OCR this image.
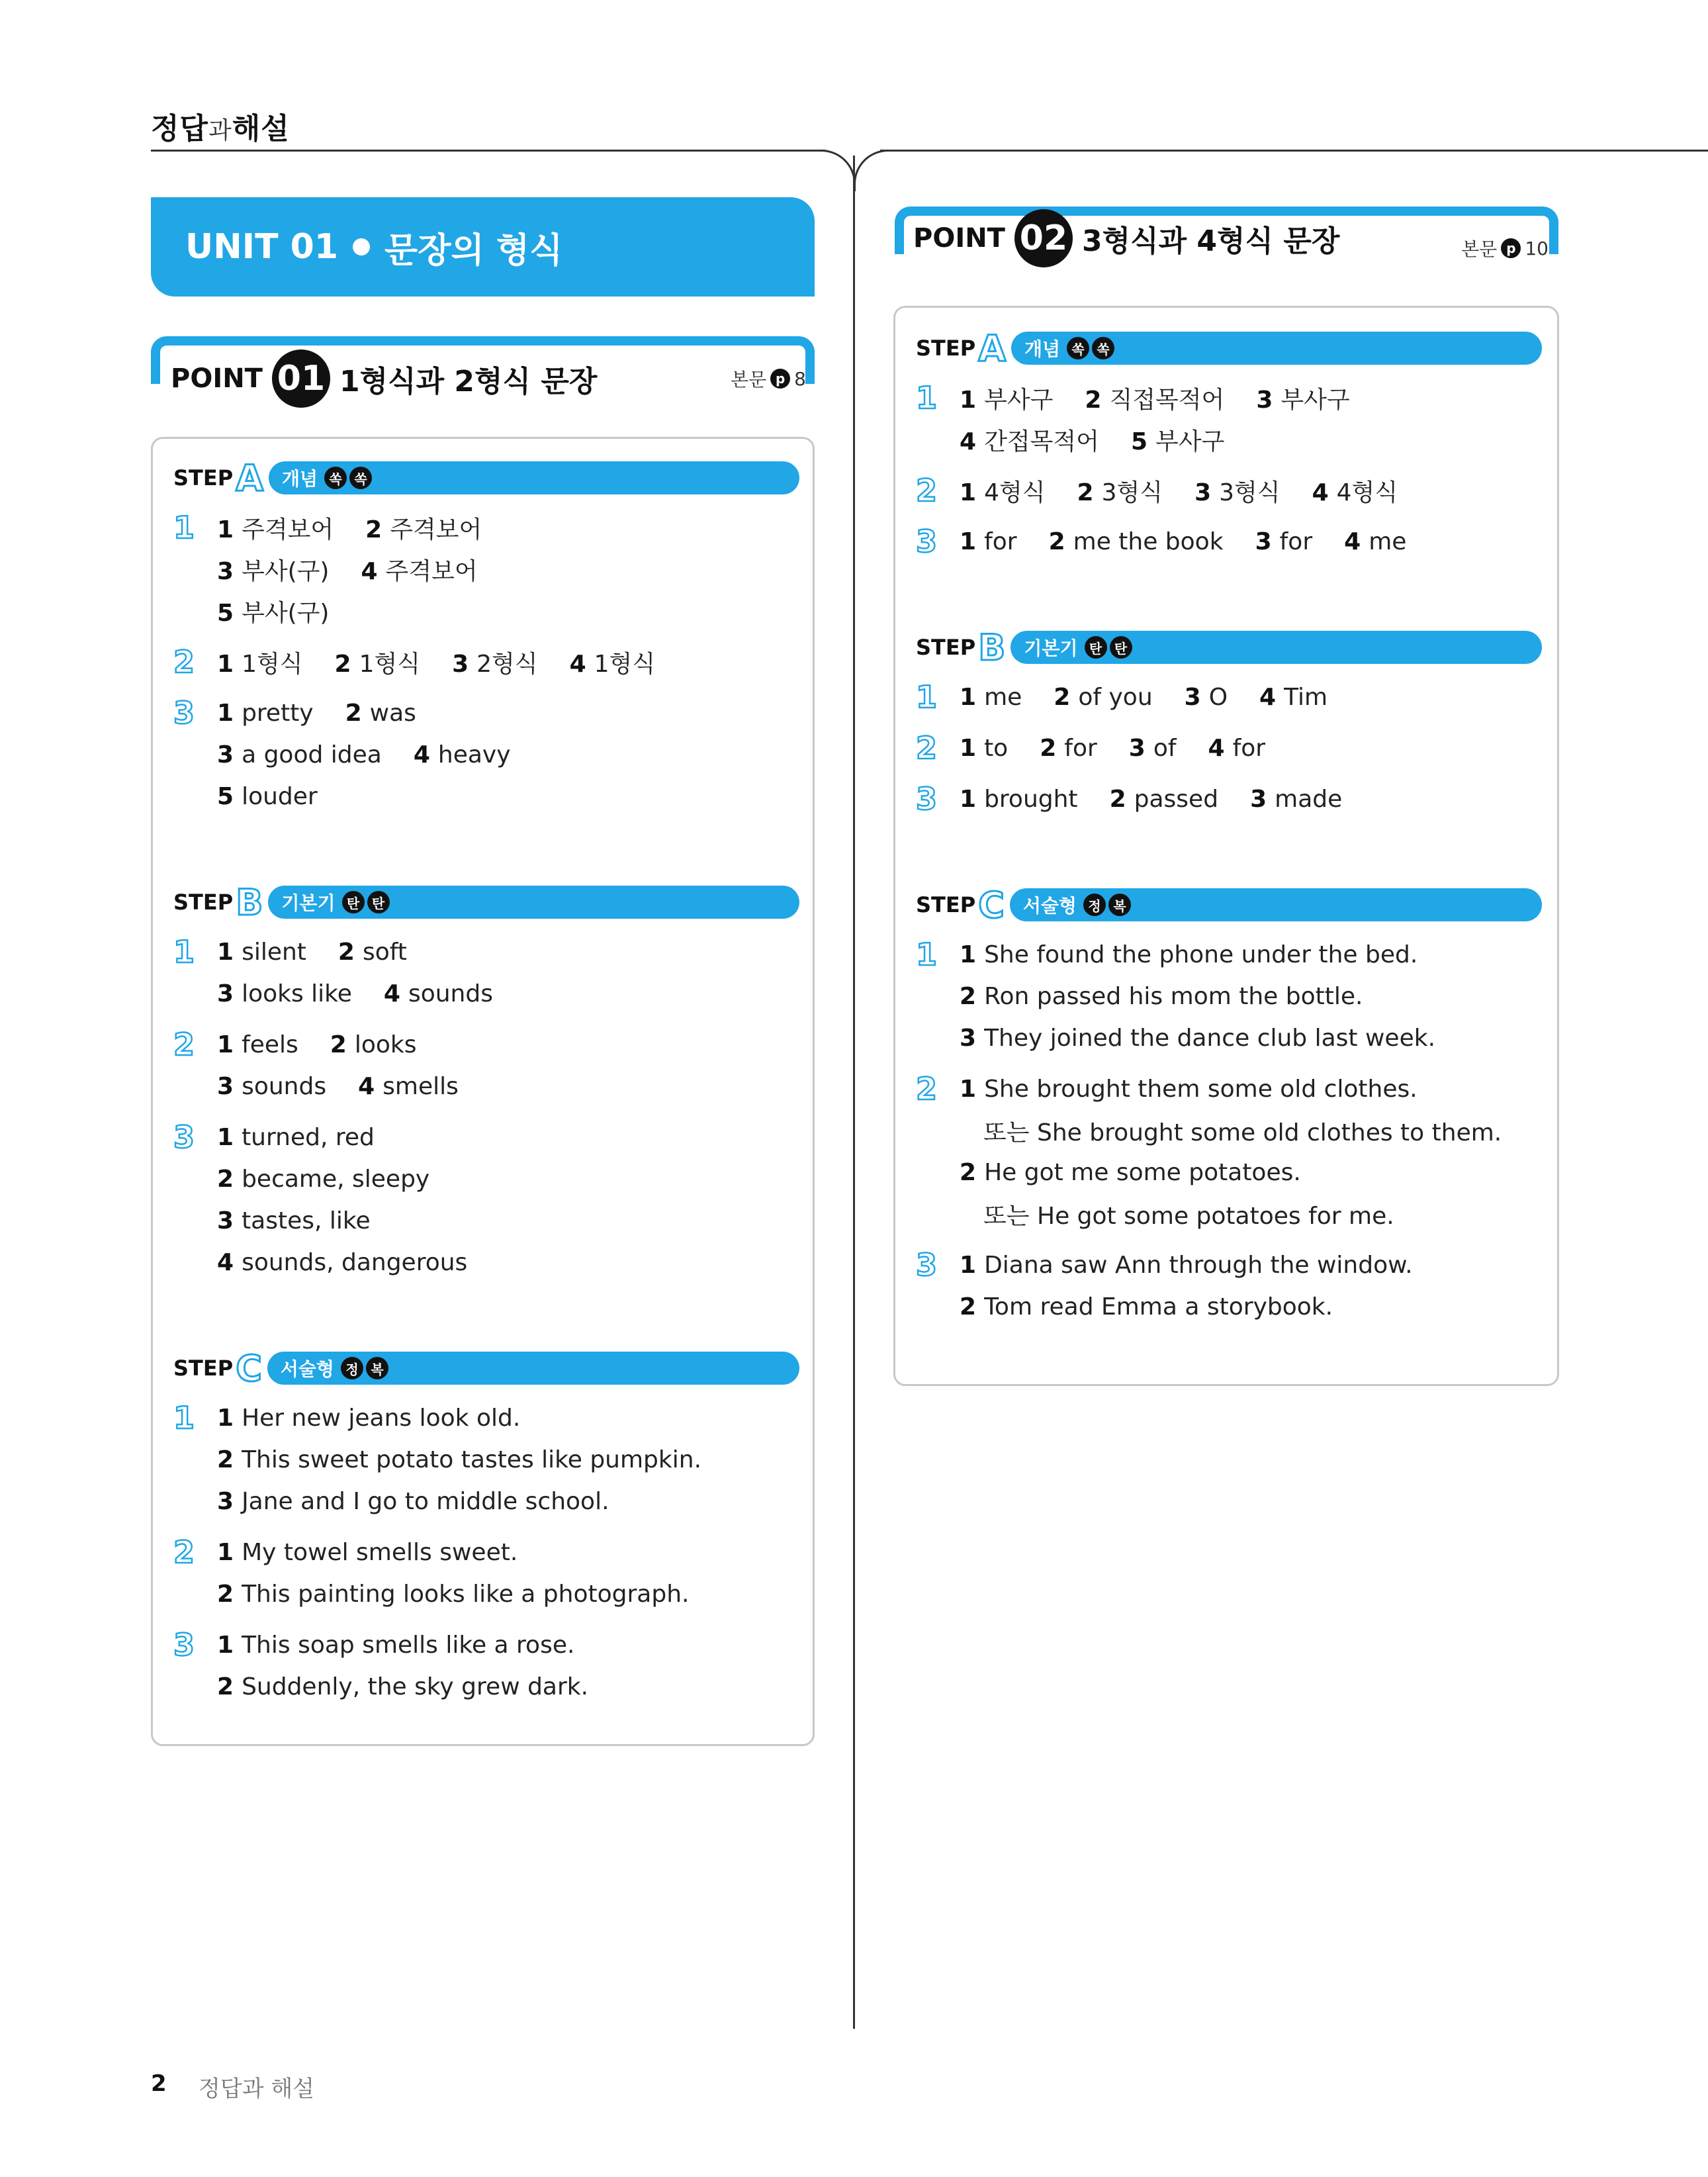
정답과해설
UNIT 01 문장의 형식
POINT 01 1형식과 2형식 문장	본문 p 8
STEP A 개념 쏙 쏙
1 1 주격보어 2 주격보어
3 부사(구) 4 주격보어
5 부사(구)
2 1 1형식 2 1형식 3 2형식 4 1형식
3 1 pretty 2 was
3 a good idea 4 heavy
5 louder
STEP B 기본기 탄 탄
1 1 silent 2 soft
3 looks like 4 sounds
2 1 feels 2 looks
3 sounds 4 smells
3 1 turned, red
2 became, sleepy
3 tastes, like
4 sounds, dangerous
STEP C 서술형 정 복
1 1 Her new jeans look old.
2 This sweet potato tastes like pumpkin.
3 Jane and I go to middle school.
2 1 My towel smells sweet.
2 This painting looks like a photograph.
3 1 This soap smells like a rose.
2 Suddenly, the sky grew dark.
POINT 02 3형식과 4형식 문장	본문 p 10
STEP A 개념 쏙 쏙
1 1 부사구 2 직접목적어 3 부사구
4 간접목적어 5 부사구
2 1 4형식 2 3형식 3 3형식 4 4형식
3 1 for 2 me the book 3 for 4 me
STEP B 기본기 탄 탄
1 1 me 2 of you 3 O 4 Tim
2 1 to 2 for 3 of 4 for
3 1 brought 2 passed 3 made
STEP C 서술형 정 복
1 1 She found the phone under the bed.
2 Ron passed his mom the bottle.
3 They joined the dance club last week.
2 1 She brought them some old clothes.
또는 She brought some old clothes to them.
2 He got me some potatoes.
또는 He got some potatoes for me.
3 1 Diana saw Ann through the window.
2 Tom read Emma a storybook.
2 정답과 해설
